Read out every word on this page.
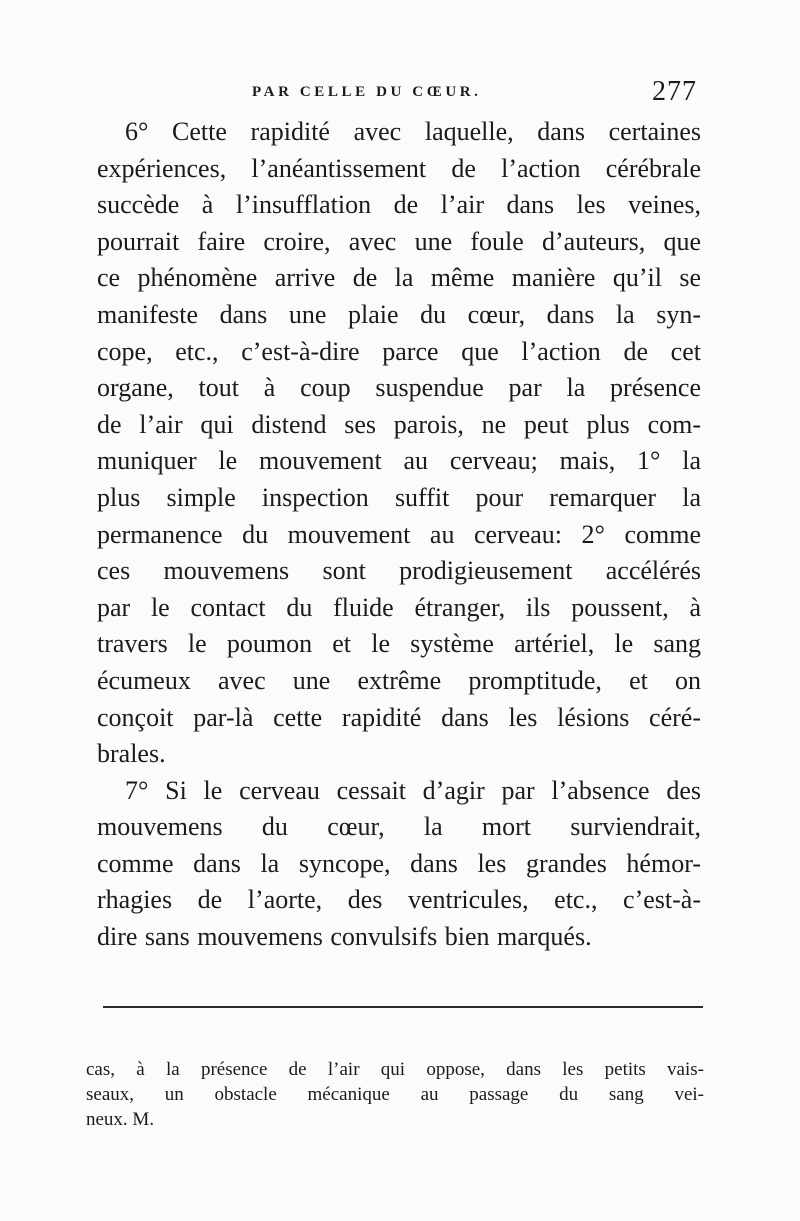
PAR CELLE DU CŒUR.	277
6° Cette rapidité avec laquelle, dans certaines
expériences, l’anéantissement de l’action cérébrale
succède à l’insufflation de l’air dans les veines,
pourrait faire croire, avec une foule d’auteurs, que
ce phénomène arrive de la même manière qu’il se
manifeste dans une plaie du cœur, dans la syn-
cope, etc., c’est-à-dire parce que l’action de cet
organe, tout à coup suspendue par la présence
de l’air qui distend ses parois, ne peut plus com-
muniquer le mouvement au cerveau; mais, 1° la
plus simple inspection suffit pour remarquer la
permanence du mouvement au cerveau: 2° comme
ces mouvemens sont prodigieusement accélérés
par le contact du fluide étranger, ils poussent, à
travers le poumon et le système artériel, le sang
écumeux avec une extrême promptitude, et on
conçoit par-là cette rapidité dans les lésions céré-
brales.
7° Si le cerveau cessait d’agir par l’absence des
mouvemens du cœur, la mort surviendrait,
comme dans la syncope, dans les grandes hémor-
rhagies de l’aorte, des ventricules, etc., c’est-à-
dire sans mouvemens convulsifs bien marqués.
cas, à la présence de l’air qui oppose, dans les petits vais-
seaux, un obstacle mécanique au passage du sang vei-
neux. M.
